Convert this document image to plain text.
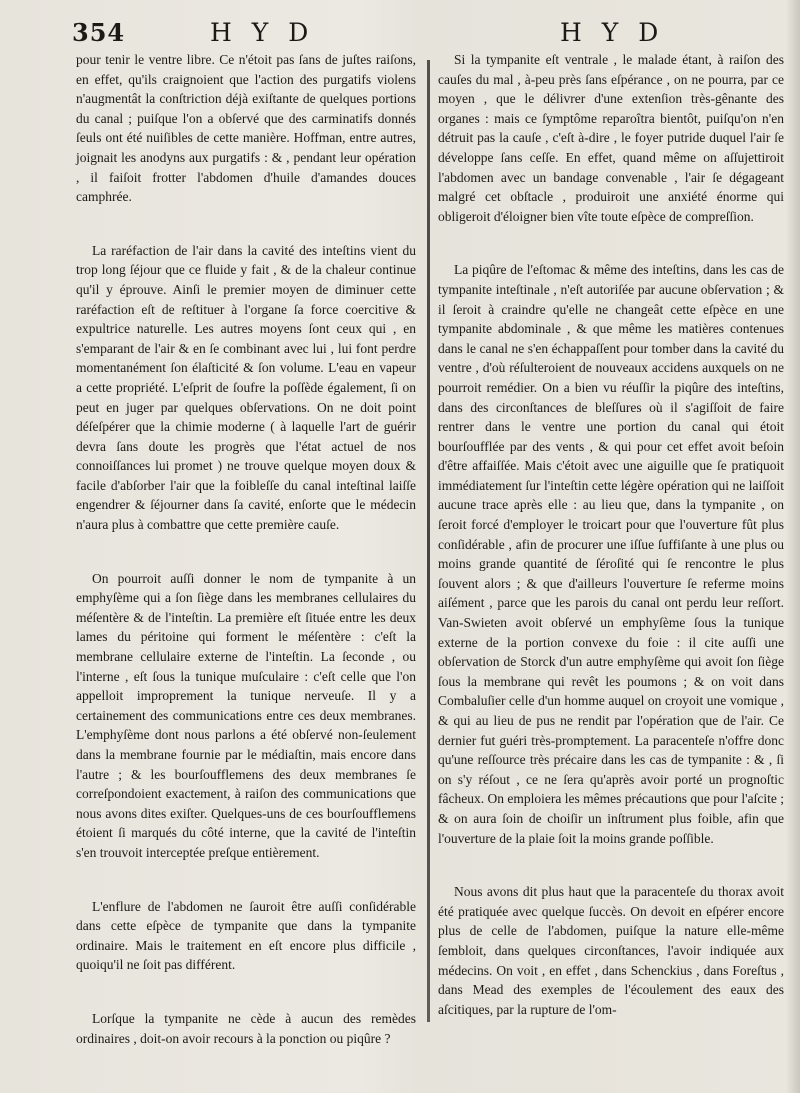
354	H Y D	H Y D

pour tenir le ventre libre. Ce n'étoit pas ſans de juſtes raiſons, en effet, qu'ils craignoient que l'action des purgatifs violens n'augmentât la conſtriction déjà exiſtante de quelques portions du canal ; puiſque l'on a obſervé que des carminatifs donnés ſeuls ont été nuiſibles de cette manière. Hoffman, entre autres, joignait les anodyns aux purgatifs : & , pendant leur opération , il faiſoit frotter l'abdomen d'huile d'amandes douces camphrée.

La raréfaction de l'air dans la cavité des inteſtins vient du trop long ſéjour que ce fluide y fait , & de la chaleur continue qu'il y éprouve. Ainſi le premier moyen de diminuer cette raréfaction eſt de reſtituer à l'organe ſa force coercitive & expultrice naturelle. Les autres moyens ſont ceux qui , en s'emparant de l'air & en ſe combinant avec lui , lui font perdre momentanément ſon élaſticité & ſon volume. L'eau en vapeur a cette propriété. L'eſprit de ſoufre la poſſède également, ſi on peut en juger par quelques obſervations. On ne doit point déſeſpérer que la chimie moderne ( à laquelle l'art de guérir devra ſans doute les progrès que l'état actuel de nos connoiſſances lui promet ) ne trouve quelque moyen doux & facile d'abſorber l'air que la foibleſſe du canal inteſtinal laiſſe engendrer & ſéjourner dans ſa cavité, enſorte que le médecin n'aura plus à combattre que cette première cauſe.

On pourroit auſſi donner le nom de tympanite à un emphyſème qui a ſon ſiège dans les membranes cellulaires du méſentère & de l'inteſtin. La première eſt ſituée entre les deux lames du péritoine qui forment le méſentère : c'eſt la membrane cellulaire externe de l'inteſtin. La ſeconde , ou l'interne , eſt ſous la tunique muſculaire : c'eſt celle que l'on appelloit improprement la tunique nerveuſe. Il y a certainement des communications entre ces deux membranes. L'emphyſème dont nous parlons a été obſervé non-ſeulement dans la membrane fournie par le médiaſtin, mais encore dans l'autre ; & les bourſoufflemens des deux membranes ſe correſpondoient exactement, à raiſon des communications que nous avons dites exiſter. Quelques-uns de ces bourſoufflemens étoient ſi marqués du côté interne, que la cavité de l'inteſtin s'en trouvoit interceptée preſque entièrement.

L'enflure de l'abdomen ne ſauroit être auſſi conſidérable dans cette eſpèce de tympanite que dans la tympanite ordinaire. Mais le traitement en eſt encore plus difficile , quoiqu'il ne ſoit pas différent.

Lorſque la tympanite ne cède à aucun des remèdes ordinaires , doit-on avoir recours à la ponction ou piqûre ?

Si la tympanite eſt ventrale , le malade étant, à raiſon des cauſes du mal , à-peu près ſans eſpérance , on ne pourra, par ce moyen , que le délivrer d'une extenſion très-gênante des organes : mais ce ſymptôme reparoîtra bientôt, puiſqu'on n'en détruit pas la cauſe , c'eſt à-dire , le foyer putride duquel l'air ſe développe ſans ceſſe. En effet, quand même on aſſujettiroit l'abdomen avec un bandage convenable , l'air ſe dégageant malgré cet obſtacle , produiroit une anxiété énorme qui obligeroit d'éloigner bien vîte toute eſpèce de compreſſion.

La piqûre de l'eſtomac & même des inteſtins, dans les cas de tympanite inteſtinale , n'eſt autoriſée par aucune obſervation ; & il ſeroit à craindre qu'elle ne changeât cette eſpèce en une tympanite abdominale , & que même les matières contenues dans le canal ne s'en échappaſſent pour tomber dans la cavité du ventre , d'où réſulteroient de nouveaux accidens auxquels on ne pourroit remédier. On a bien vu réuſſir la piqûre des inteſtins, dans des circonſtances de bleſſures où il s'agiſſoit de faire rentrer dans le ventre une portion du canal qui étoit bourſoufflée par des vents , & qui pour cet effet avoit beſoin d'être affaiſſée. Mais c'étoit avec une aiguille que ſe pratiquoit immédiatement ſur l'inteſtin cette légère opération qui ne laiſſoit aucune trace après elle : au lieu que, dans la tympanite , on ſeroit forcé d'employer le troicart pour que l'ouverture fût plus conſidérable , afin de procurer une iſſue ſuffiſante à une plus ou moins grande quantité de ſéroſité qui ſe rencontre le plus ſouvent alors ; & que d'ailleurs l'ouverture ſe referme moins aiſément , parce que les parois du canal ont perdu leur reſſort. Van-Swieten avoit obſervé un emphyſème ſous la tunique externe de la portion convexe du foie : il cite auſſi une obſervation de Storck d'un autre emphyſème qui avoit ſon ſiège ſous la membrane qui revêt les poumons ; & on voit dans Combaluſier celle d'un homme auquel on croyoit une vomique , & qui au lieu de pus ne rendit par l'opération que de l'air. Ce dernier fut guéri très-promptement. La paracenteſe n'offre donc qu'une reſſource très précaire dans les cas de tympanite : & , ſi on s'y réſout , ce ne ſera qu'après avoir porté un prognoſtic fâcheux. On emploiera les mêmes précautions que pour l'aſcite ; & on aura ſoin de choiſir un inſtrument plus foible, afin que l'ouverture de la plaie ſoit la moins grande poſſible.

Nous avons dit plus haut que la paracenteſe du thorax avoit été pratiquée avec quelque ſuccès. On devoit en eſpérer encore plus de celle de l'abdomen, puiſque la nature elle-même ſembloit, dans quelques circonſtances, l'avoir indiquée aux médecins. On voit , en effet , dans Schenckius , dans Foreſtus , dans Mead des exemples de l'écoulement des eaux des aſcitiques, par la rupture de l'om-
